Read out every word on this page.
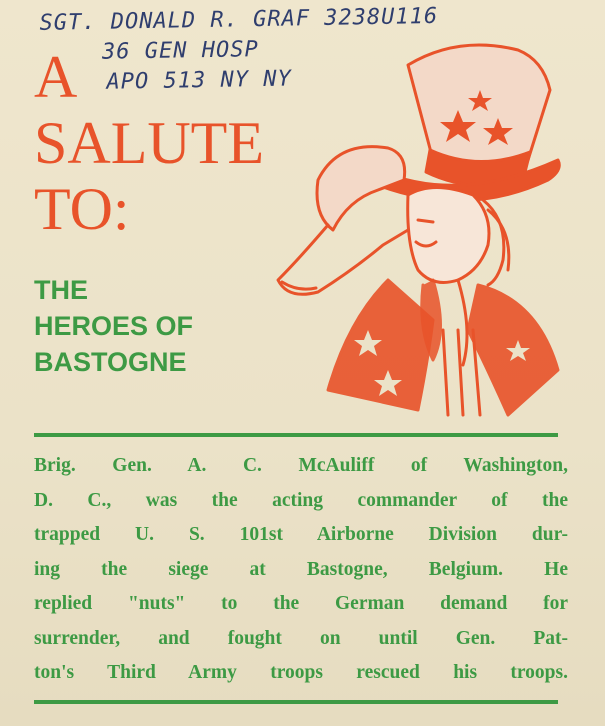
SGT. DONALD R. GRAF 3238U116
36 GEN HOSP
APO 513 NY NY
A
SALUTE
TO:
THE
HEROES OF
BASTOGNE
Brig. Gen. A. C. McAuliff of Washington,
D. C., was the acting commander of the
trapped U. S. 101st Airborne Division dur-
ing the siege at Bastogne, Belgium. He
replied "nuts" to the German demand for
surrender, and fought on until Gen. Pat-
ton's Third Army troops rescued his troops.
